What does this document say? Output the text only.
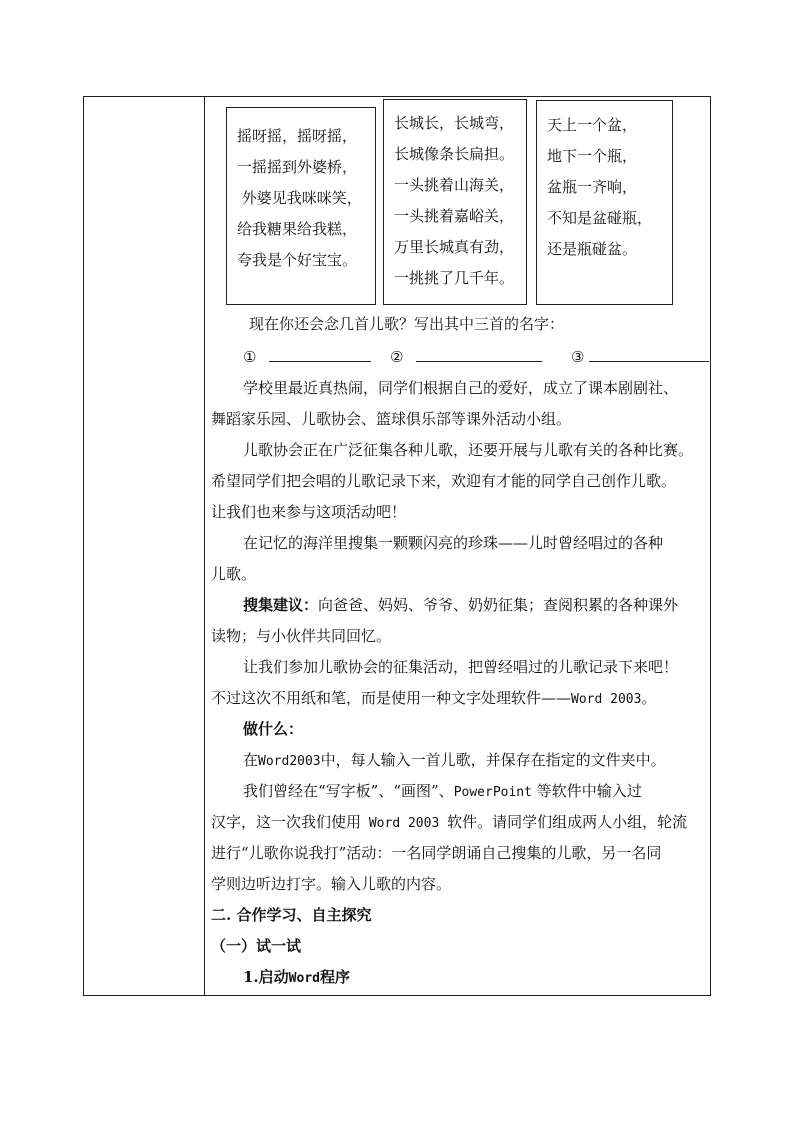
摇呀摇，摇呀摇，
一摇摇到外婆桥，
外婆见我咪咪笑，
给我糖果给我糕，
夸我是个好宝宝。
长城长，长城弯，
长城像条长扁担。
一头挑着山海关，
一头挑着嘉峪关，
万里长城真有劲，
一挑挑了几千年。
天上一个盆，
地下一个瓶，
盆瓶一齐响，
不知是盆碰瓶，
还是瓶碰盆。
现在你还会念几首儿歌？写出其中三首的名字：
①	②	③
学校里最近真热闹，同学们根据自己的爱好，成立了课本剧剧社、
舞蹈家乐园、儿歌协会、篮球俱乐部等课外活动小组。
儿歌协会正在广泛征集各种儿歌，还要开展与儿歌有关的各种比赛。
希望同学们把会唱的儿歌记录下来，欢迎有才能的同学自己创作儿歌。
让我们也来参与这项活动吧！
在记忆的海洋里搜集一颗颗闪亮的珍珠——儿时曾经唱过的各种
儿歌。
搜集建议：向爸爸、妈妈、爷爷、奶奶征集；查阅积累的各种课外
读物；与小伙伴共同回忆。
让我们参加儿歌协会的征集活动，把曾经唱过的儿歌记录下来吧！
不过这次不用纸和笔，而是使用一种文字处理软件——Word 2003。
做什么：
在Word2003中，每人输入一首儿歌，并保存在指定的文件夹中。
我们曾经在“写字板”、“画图”、PowerPoint 等软件中输入过
汉字，这一次我们使用 Word 2003 软件。请同学们组成两人小组，轮流
进行“儿歌你说我打”活动：一名同学朗诵自己搜集的儿歌，另一名同
学则边听边打字。输入儿歌的内容。
二. 合作学习、自主探究
（一）试一试
1.启动Word程序
